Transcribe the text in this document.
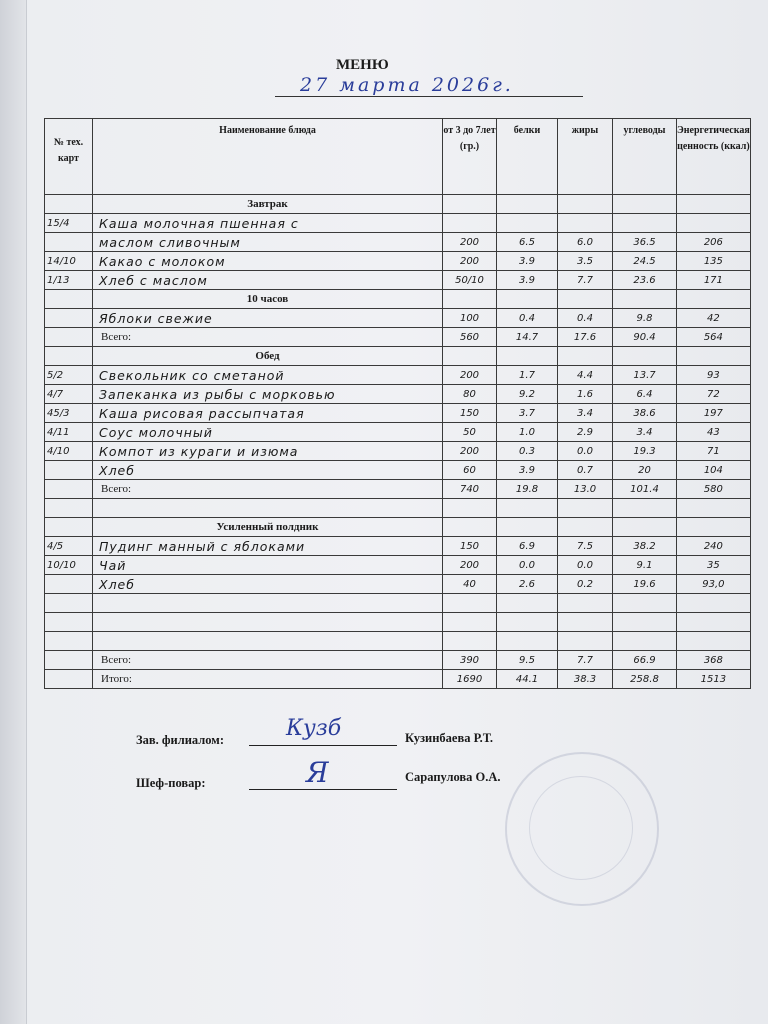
МЕНЮ
27 марта 2026г.
№ тех. карт	Наименование блюда	от 3 до 7лет (гр.)	белки	жиры	углеводы	Энергетическая ценность (ккал)
	Завтрак					
15/4	Каша молочная пшенная с					
	маслом сливочным	200	6.5	6.0	36.5	206
14/10	Какао с молоком	200	3.9	3.5	24.5	135
1/13	Хлеб с маслом	50/10	3.9	7.7	23.6	171
	10 часов					
	Яблоки свежие	100	0.4	0.4	9.8	42
	Всего:	560	14.7	17.6	90.4	564
	Обед					
5/2	Свекольник со сметаной	200	1.7	4.4	13.7	93
4/7	Запеканка из рыбы с морковью	80	9.2	1.6	6.4	72
45/3	Каша рисовая рассыпчатая	150	3.7	3.4	38.6	197
4/11	Соус молочный	50	1.0	2.9	3.4	43
4/10	Компот из кураги и изюма	200	0.3	0.0	19.3	71
	Хлеб	60	3.9	0.7	20	104
	Всего:	740	19.8	13.0	101.4	580

	Усиленный полдник					
4/5	Пудинг манный с яблоками	150	6.9	7.5	38.2	240
10/10	Чай	200	0.0	0.0	9.1	35
	Хлеб	40	2.6	0.2	19.6	93,0

	Всего:	390	9.5	7.7	66.9	368
	Итого:	1690	44.1	38.3	258.8	1513
Зав. филиалом:	Кузб	Кузинбаева Р.Т.
Шеф-повар:	Я	Сарапулова О.А.
